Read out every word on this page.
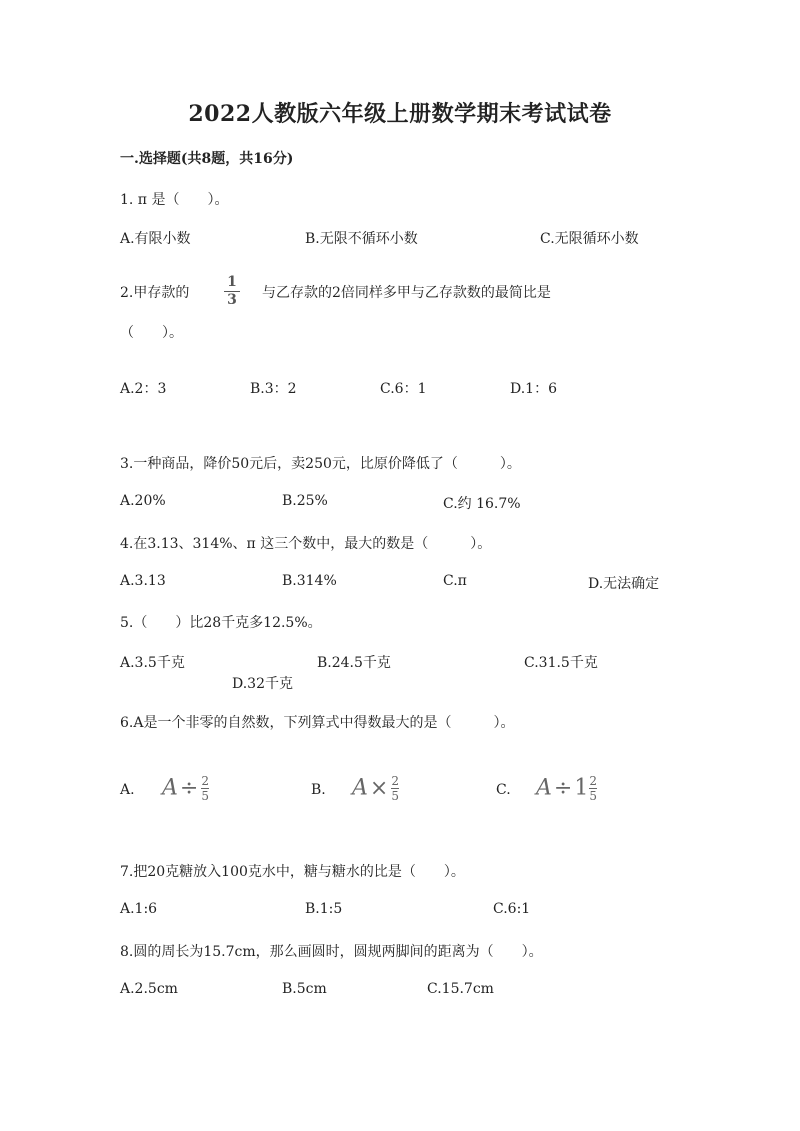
2022人教版六年级上册数学期末考试试卷
一.选择题(共8题，共16分)
1. π 是（　　）。
A.有限小数	B.无限不循环小数	C.无限循环小数
2.甲存款的
1
3 与乙存款的2倍同样多甲与乙存款数的最简比是
（　　）。
A.2：3	B.3：2	C.6：1	D.1：6
3.一种商品，降价50元后，卖250元，比原价降低了（　　　）。
A.20%	B.25%	C.约 16.7%
4.在3.13、314%、π 这三个数中，最大的数是（　　　）。
A.3.13	B.314%	C.π	D.无法确定
5.（　　）比28千克多12.5%。
A.3.5千克	B.24.5千克	C.31.5千克
D.32千克
6.A是一个非零的自然数，下列算式中得数最大的是（　　　）。
A. $A\div \frac{2}{5}$	B. $A\times \frac{2}{5}$	C. $A\div 1 \frac{2}{5}$
7.把20克糖放入100克水中，糖与糖水的比是（　　）。
A.1:6	B.1:5	C.6:1
8.圆的周长为15.7cm，那么画圆时，圆规两脚间的距离为（　　）。
A.2.5cm	B.5cm	C.15.7cm
